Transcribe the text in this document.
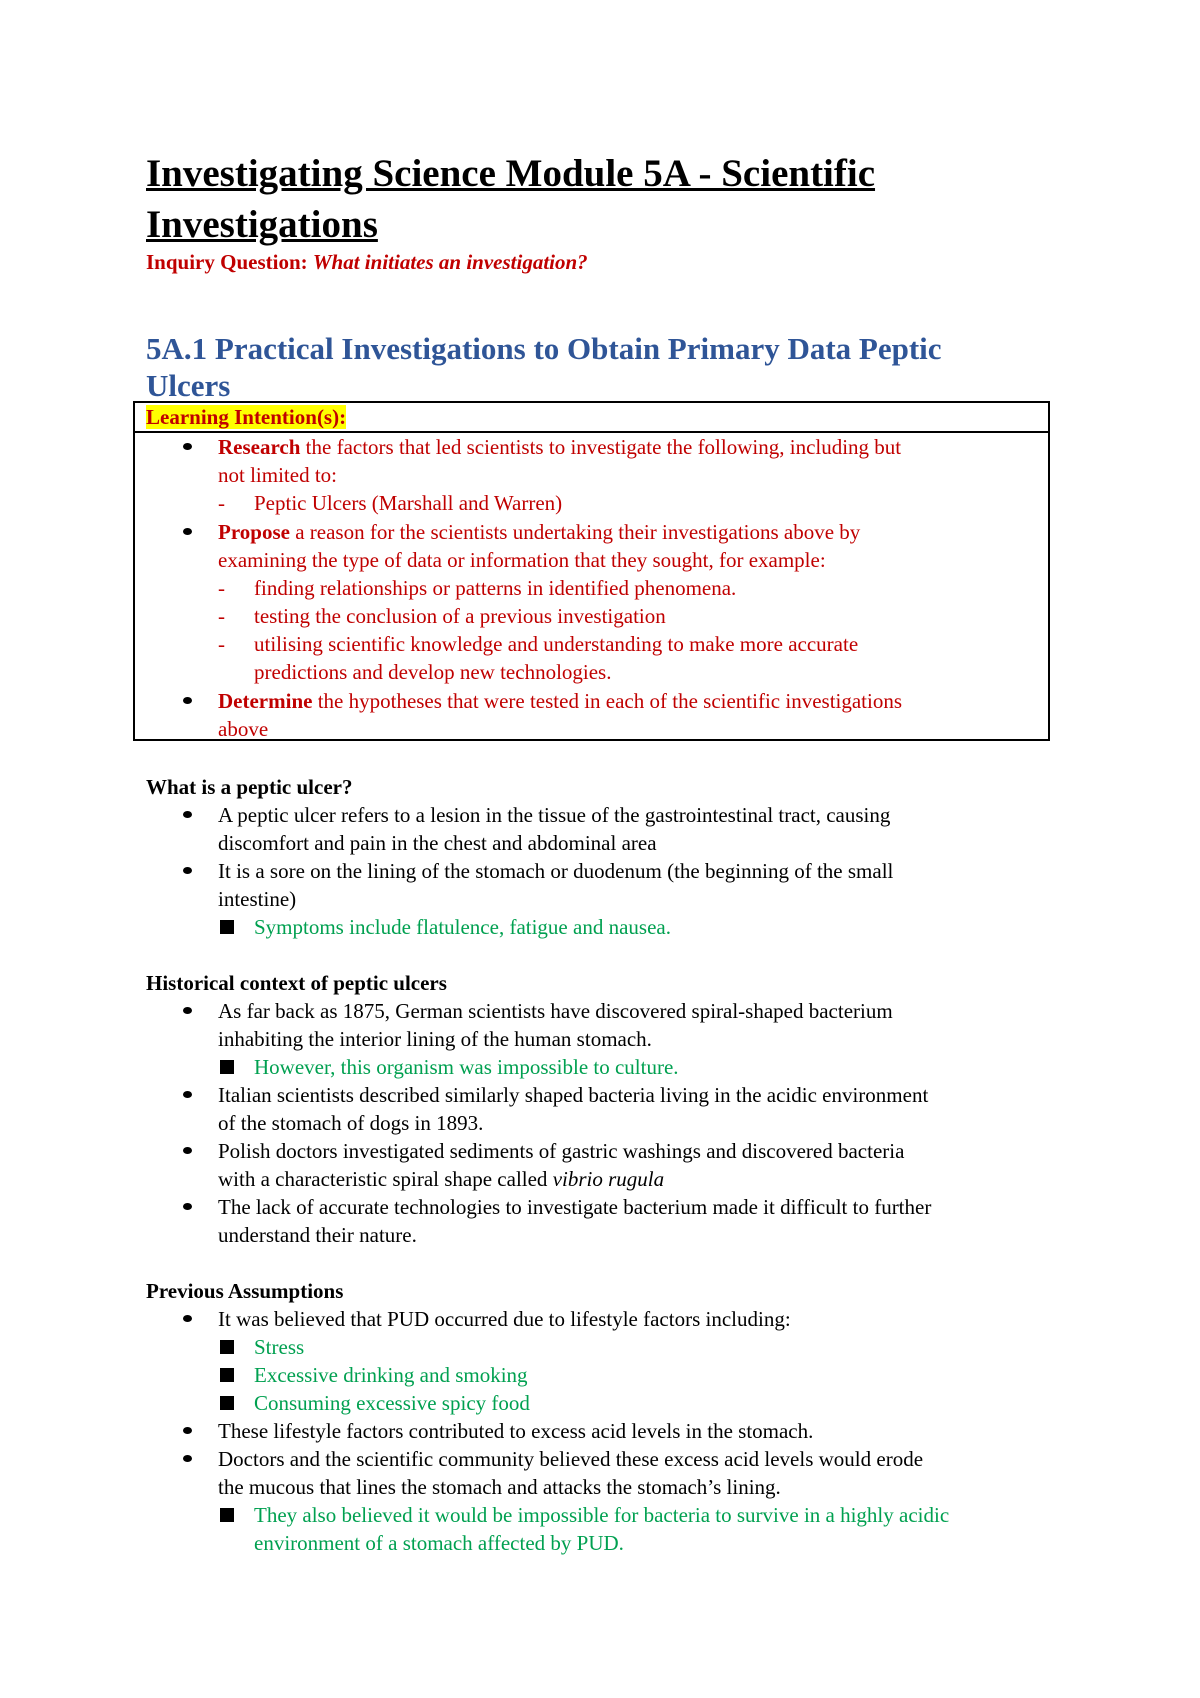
Investigating Science Module 5A - Scientific
Investigations
Inquiry Question: What initiates an investigation?
5A.1 Practical Investigations to Obtain Primary Data Peptic
Ulcers
Learning Intention(s):
Research the factors that led scientists to investigate the following, including but
not limited to:
- Peptic Ulcers (Marshall and Warren)
Propose a reason for the scientists undertaking their investigations above by
examining the type of data or information that they sought, for example:
- finding relationships or patterns in identified phenomena.
- testing the conclusion of a previous investigation
- utilising scientific knowledge and understanding to make more accurate
predictions and develop new technologies.
Determine the hypotheses that were tested in each of the scientific investigations
above
What is a peptic ulcer?
A peptic ulcer refers to a lesion in the tissue of the gastrointestinal tract, causing
discomfort and pain in the chest and abdominal area
It is a sore on the lining of the stomach or duodenum (the beginning of the small
intestine)
Symptoms include flatulence, fatigue and nausea.
Historical context of peptic ulcers
As far back as 1875, German scientists have discovered spiral-shaped bacterium
inhabiting the interior lining of the human stomach.
However, this organism was impossible to culture.
Italian scientists described similarly shaped bacteria living in the acidic environment
of the stomach of dogs in 1893.
Polish doctors investigated sediments of gastric washings and discovered bacteria
with a characteristic spiral shape called vibrio rugula
The lack of accurate technologies to investigate bacterium made it difficult to further
understand their nature.
Previous Assumptions
It was believed that PUD occurred due to lifestyle factors including:
Stress
Excessive drinking and smoking
Consuming excessive spicy food
These lifestyle factors contributed to excess acid levels in the stomach.
Doctors and the scientific community believed these excess acid levels would erode
the mucous that lines the stomach and attacks the stomach’s lining.
They also believed it would be impossible for bacteria to survive in a highly acidic
environment of a stomach affected by PUD.
